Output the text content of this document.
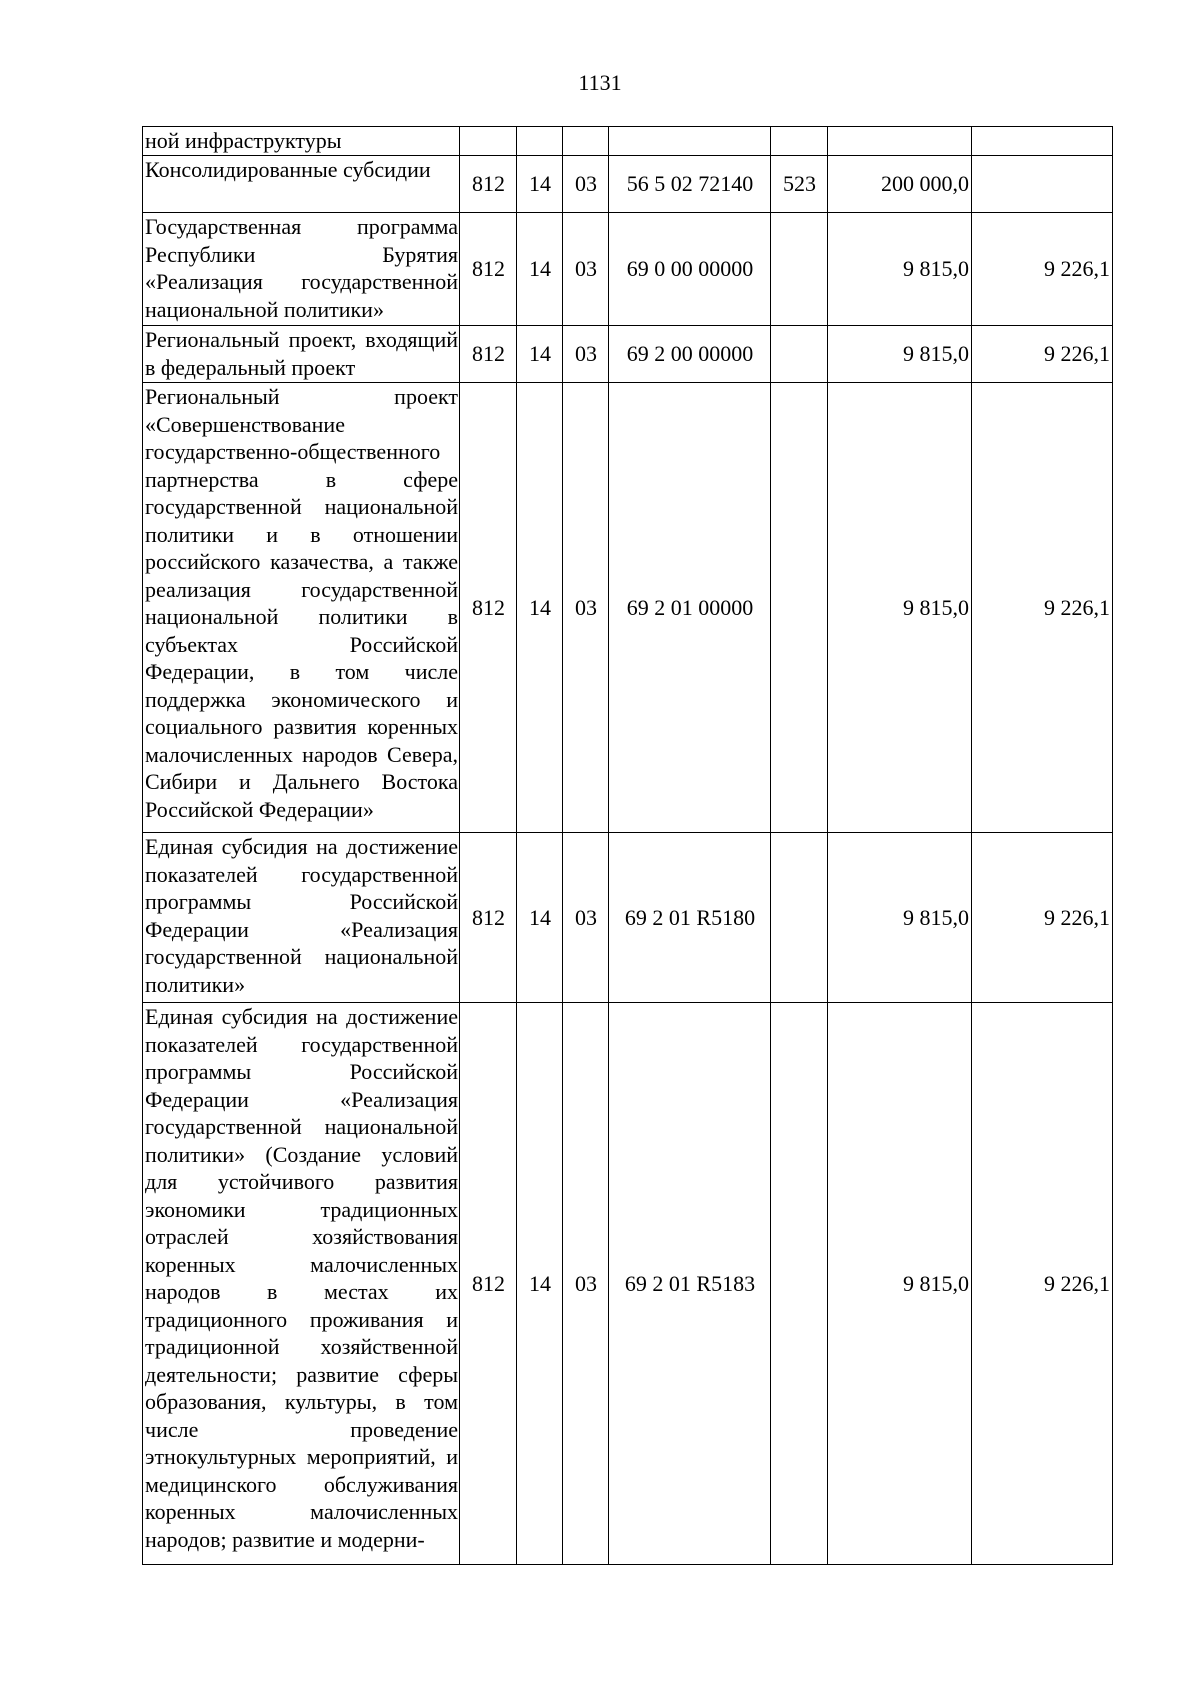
1131
ной инфраструктуры							
Консолидированные субсидии	812	14	03	56 5 02 72140	523	200 000,0	
Государственная программа Республики Бурятия «Реализация государственной национальной политики»	812	14	03	69 0 00 00000		9 815,0	9 226,1
Региональный проект, входящий в федеральный проект	812	14	03	69 2 00 00000		9 815,0	9 226,1
Региональный проект «Совершенствование государственно-общественного партнерства в сфере государственной национальной политики и в отношении российского казачества, а также реализация государственной национальной политики в субъектах Российской Федерации, в том числе поддержка экономического и социального развития коренных малочисленных народов Севера, Сибири и Дальнего Востока Российской Федерации»	812	14	03	69 2 01 00000		9 815,0	9 226,1
Единая субсидия на достижение показателей государственной программы Российской Федерации «Реализация государственной национальной политики»	812	14	03	69 2 01 R5180		9 815,0	9 226,1
Единая субсидия на достижение показателей государственной программы Российской Федерации «Реализация государственной национальной политики» (Создание условий для устойчивого развития экономики традиционных отраслей хозяйствования коренных малочисленных народов в местах их традиционного проживания и традиционной хозяйственной деятельности; развитие сферы образования, культуры, в том числе проведение этнокультурных мероприятий, и медицинского обслуживания коренных малочисленных народов; развитие и модерни-	812	14	03	69 2 01 R5183		9 815,0	9 226,1
